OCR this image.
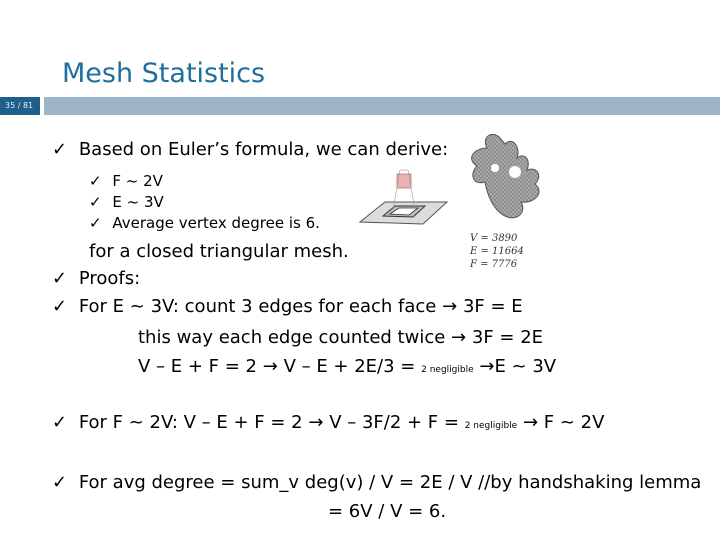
Mesh Statistics
35 / 81
✓ Based on Euler’s formula, we can derive:
✓ F ~ 2V
✓ E ~ 3V
✓ Average vertex degree is 6.
for a closed triangular mesh.
✓ Proofs:
✓ For E ~ 3V: count 3 edges for each face → 3F = E
this way each edge counted twice → 3F = 2E
V – E + F = 2 → V – E + 2E/3 = 2 negligible →E ~ 3V
✓ For F ~ 2V: V – E + F = 2 → V – 3F/2 + F = 2 negligible → F ~ 2V
✓ For avg degree = sum_v deg(v) / V = 2E / V //by handshaking lemma
= 6V / V = 6.
V = 3890
E = 11664
F = 7776
